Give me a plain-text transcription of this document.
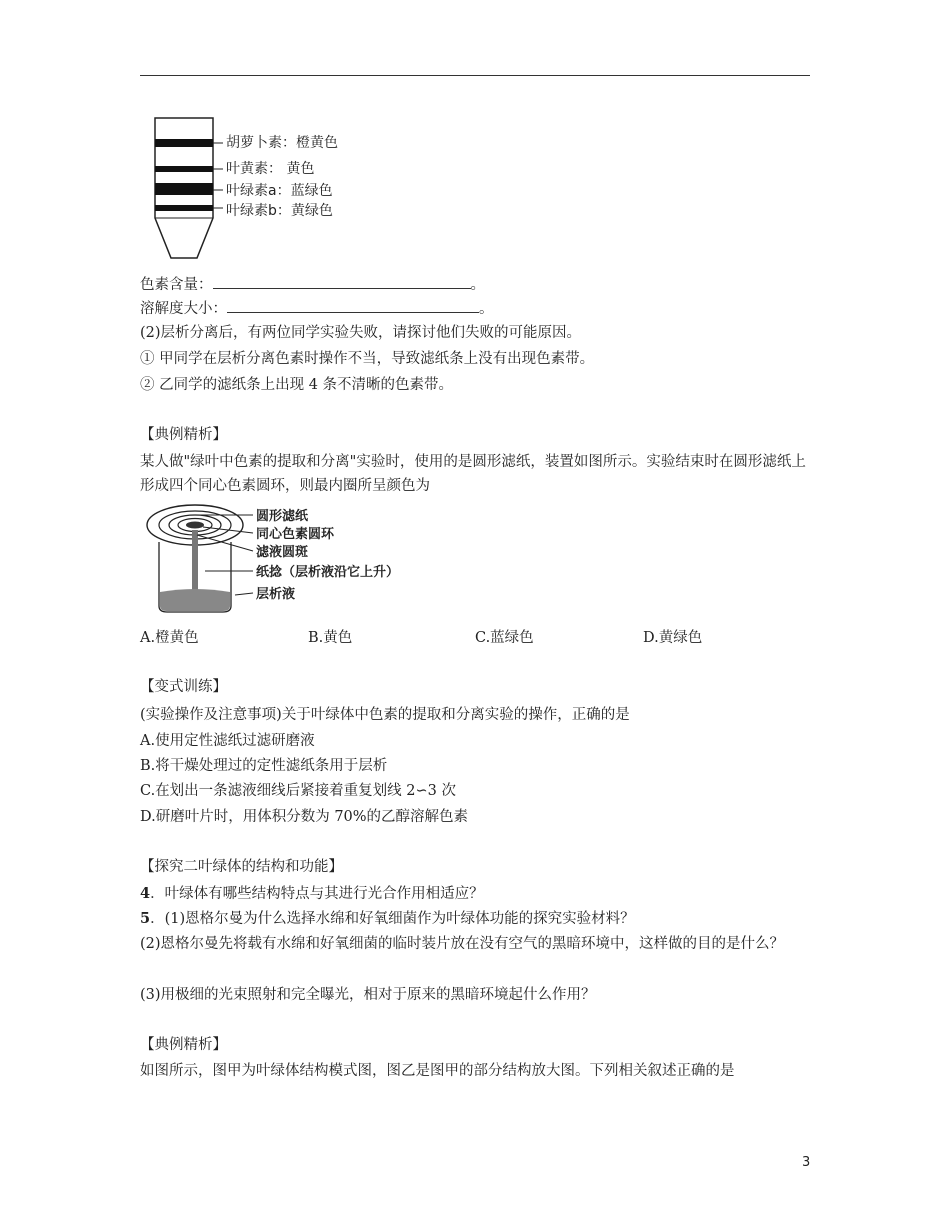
胡萝卜素：橙黄色
叶黄素： 黄色
叶绿素a：蓝绿色
叶绿素b：黄绿色
色素含量：	。
溶解度大小：	。
(2)层析分离后，有两位同学实验失败，请探讨他们失败的可能原因。
① 甲同学在层析分离色素时操作不当，导致滤纸条上没有出现色素带。
② 乙同学的滤纸条上出现 4 条不清晰的色素带。
【典例精析】
某人做"绿叶中色素的提取和分离"实验时，使用的是圆形滤纸，装置如图所示。实验结束时在圆形滤纸上形成四个同心色素圆环，则最内圈所呈颜色为
圆形滤纸
同心色素圆环
滤液圆斑
纸捻（层析液沿它上升）
层析液
A.橙黄色	B.黄色	C.蓝绿色	D.黄绿色
【变式训练】
(实验操作及注意事项)关于叶绿体中色素的提取和分离实验的操作，正确的是
A.使用定性滤纸过滤研磨液
B.将干燥处理过的定性滤纸条用于层析
C.在划出一条滤液细线后紧接着重复划线 2∽3 次
D.研磨叶片时，用体积分数为 70%的乙醇溶解色素
【探究二叶绿体的结构和功能】
4．叶绿体有哪些结构特点与其进行光合作用相适应？
5．(1)恩格尔曼为什么选择水绵和好氧细菌作为叶绿体功能的探究实验材料？
(2)恩格尔曼先将载有水绵和好氧细菌的临时装片放在没有空气的黑暗环境中，这样做的目的是什么？
(3)用极细的光束照射和完全曝光，相对于原来的黑暗环境起什么作用？
【典例精析】
如图所示，图甲为叶绿体结构模式图，图乙是图甲的部分结构放大图。下列相关叙述正确的是
3
